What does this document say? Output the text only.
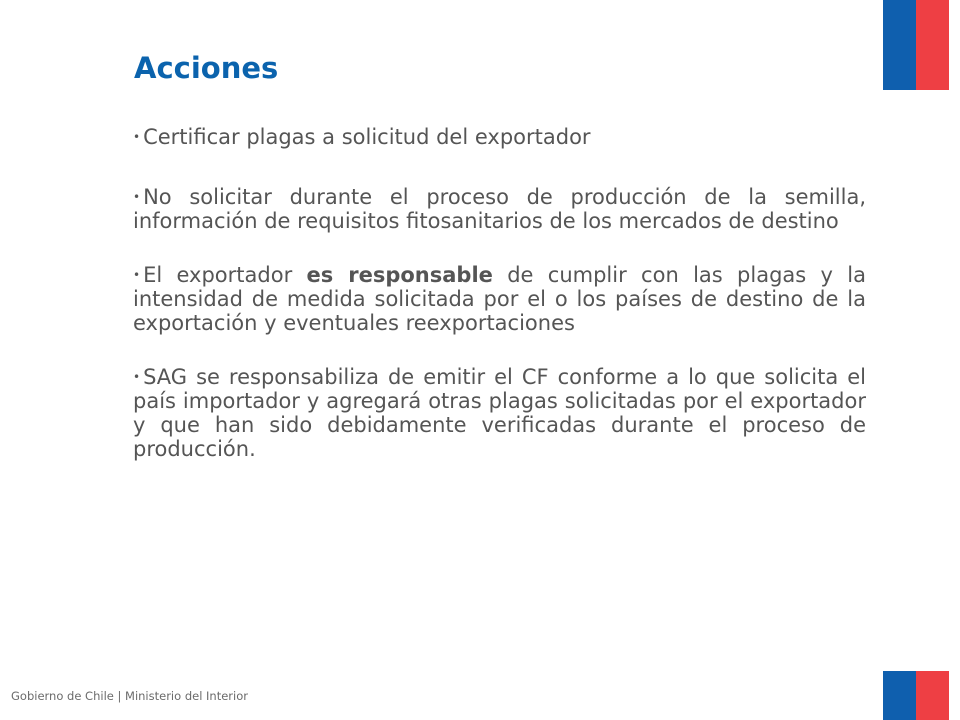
Acciones
• Certificar plagas a solicitud del exportador
• No solicitar durante el proceso de producción de la semilla, información de requisitos fitosanitarios de los mercados de destino
• El exportador es responsable de cumplir con las plagas y la intensidad de medida solicitada por el o los países de destino de la exportación y eventuales reexportaciones
• SAG se responsabiliza de emitir el CF conforme a lo que solicita el país importador y agregará otras plagas solicitadas por el exportador y que han sido debidamente verificadas durante el proceso de producción.
Gobierno de Chile | Ministerio del Interior
